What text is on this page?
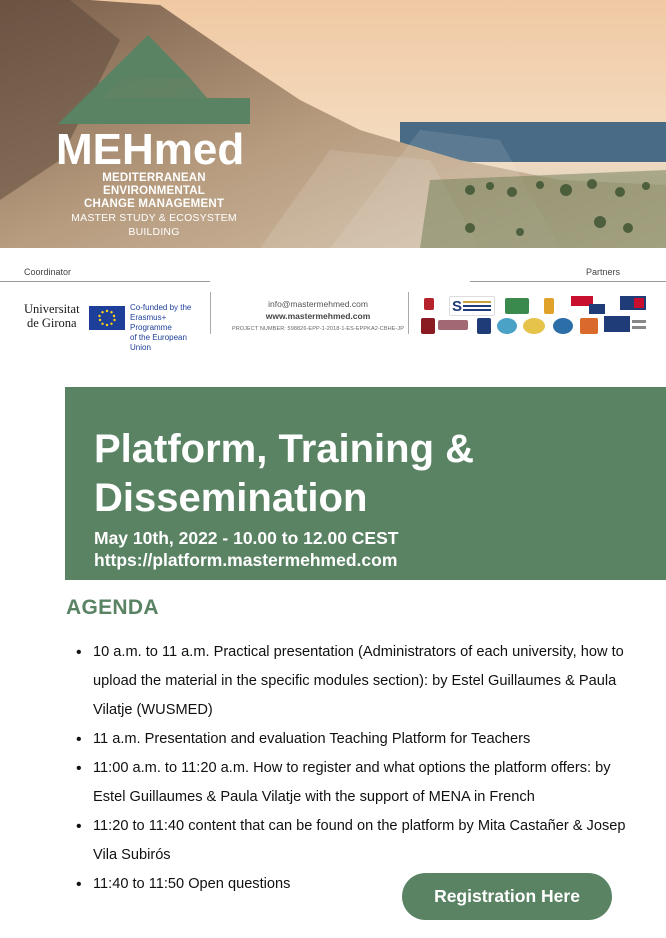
MEHmed
MEDITERRANEAN ENVIRONMENTAL
CHANGE MANAGEMENT
MASTER STUDY & ECOSYSTEM BUILDING
Coordinator	Partners
Universitat
de Girona
Co-funded by the
Erasmus+ Programme
of the European Union
info@mastermehmed.com
www.mastermehmed.com
PROJECT NUMBER: 598826-EPP-1-2018-1-ES-EPPKA2-CBHE-JP
S
Platform, Training & Dissemination
May 10th, 2022 - 10.00 to 12.00 CEST
https://platform.mastermehmed.com
AGENDA
• 10 a.m. to 11 a.m. Practical presentation (Administrators of each university, how to upload the material in the specific modules section): by Estel Guillaumes & Paula Vilatje (WUSMED)
• 11 a.m. Presentation and evaluation Teaching Platform for Teachers
• 11:00 a.m. to 11:20 a.m. How to register and what options the platform offers: by Estel Guillaumes & Paula Vilatje with the support of MENA in French
• 11:20 to 11:40 content that can be found on the platform by Mita Castañer & Josep Vila Subirós
• 11:40 to 11:50 Open questions
Registration Here
